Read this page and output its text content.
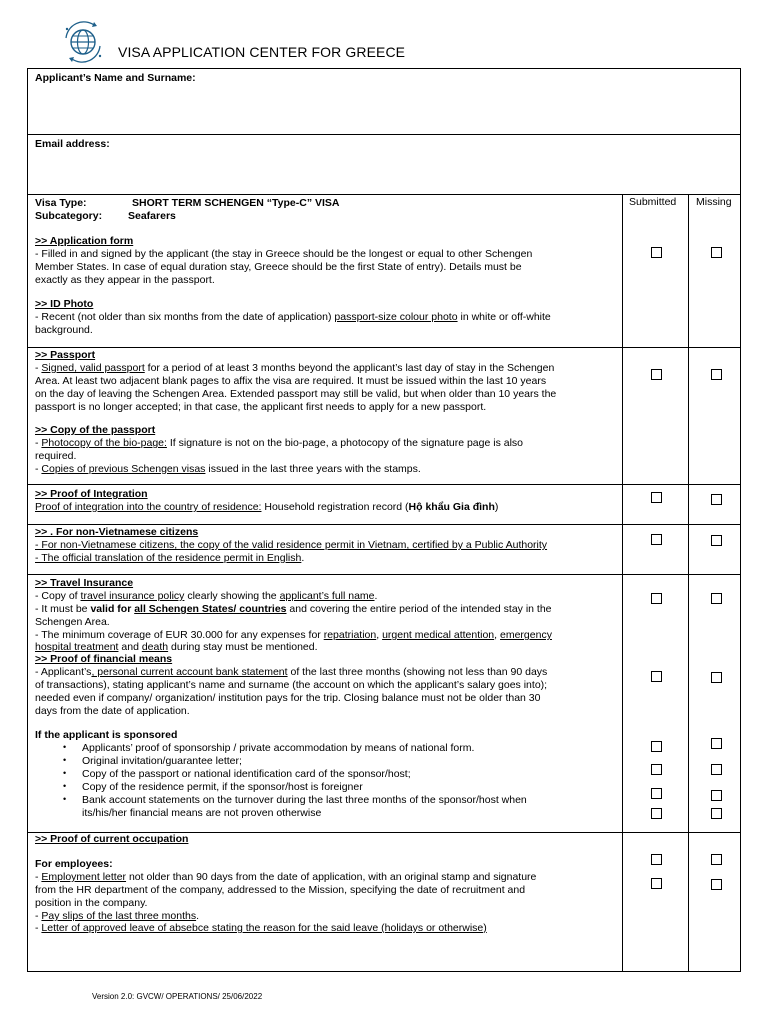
VISA APPLICATION CENTER FOR GREECE
Applicant’s Name and Surname:
Email address:
Visa Type:	SHORT TERM SCHENGEN “Type-C” VISA
Subcategory: Seafarers
Submitted Missing
>> Application form
- Filled in and signed by the applicant (the stay in Greece should be the longest or equal to other Schengen
Member States. In case of equal duration stay, Greece should be the first State of entry). Details must be
exactly as they appear in the passport.
>> ID Photo
- Recent (not older than six months from the date of application) passport-size colour photo in white or off-white
background.
>> Passport
- Signed, valid passport for a period of at least 3 months beyond the applicant’s last day of stay in the Schengen
Area. At least two adjacent blank pages to affix the visa are required. It must be issued within the last 10 years
on the day of leaving the Schengen Area. Extended passport may still be valid, but when older than 10 years the
passport is no longer accepted; in that case, the applicant first needs to apply for a new passport.
>> Copy of the passport
- Photocopy of the bio-page: If signature is not on the bio-page, a photocopy of the signature page is also
required.
- Copies of previous Schengen visas issued in the last three years with the stamps.
>> Proof of Integration
Proof of integration into the country of residence: Household registration record (Hộ khẩu Gia đình)
>> . For non-Vietnamese citizens
- For non-Vietnamese citizens, the copy of the valid residence permit in Vietnam, certified by a Public Authority
- The official translation of the residence permit in English.
>> Travel Insurance
- Copy of travel insurance policy clearly showing the applicant’s full name.
- It must be valid for all Schengen States/ countries and covering the entire period of the intended stay in the
Schengen Area.
- The minimum coverage of EUR 30.000 for any expenses for repatriation, urgent medical attention, emergency
hospital treatment and death during stay must be mentioned.
>> Proof of financial means
- Applicant’s, personal current account bank statement of the last three months (showing not less than 90 days
of transactions), stating applicant’s name and surname (the account on which the applicant’s salary goes into);
needed even if company/ organization/ institution pays for the trip. Closing balance must not be older than 30
days from the date of application.
If the applicant is sponsored
• Applicants’ proof of sponsorship / private accommodation by means of national form.
• Original invitation/guarantee letter;
• Copy of the passport or national identification card of the sponsor/host;
• Copy of the residence permit, if the sponsor/host is foreigner
• Bank account statements on the turnover during the last three months of the sponsor/host when
its/his/her financial means are not proven otherwise
>> Proof of current occupation
For employees:
- Employment letter not older than 90 days from the date of application, with an original stamp and signature
from the HR department of the company, addressed to the Mission, specifying the date of recruitment and
position in the company.
- Pay slips of the last three months.
- Letter of approved leave of absebce stating the reason for the said leave (holidays or otherwise)
Version 2.0: GVCW/ OPERATIONS/ 25/06/2022
